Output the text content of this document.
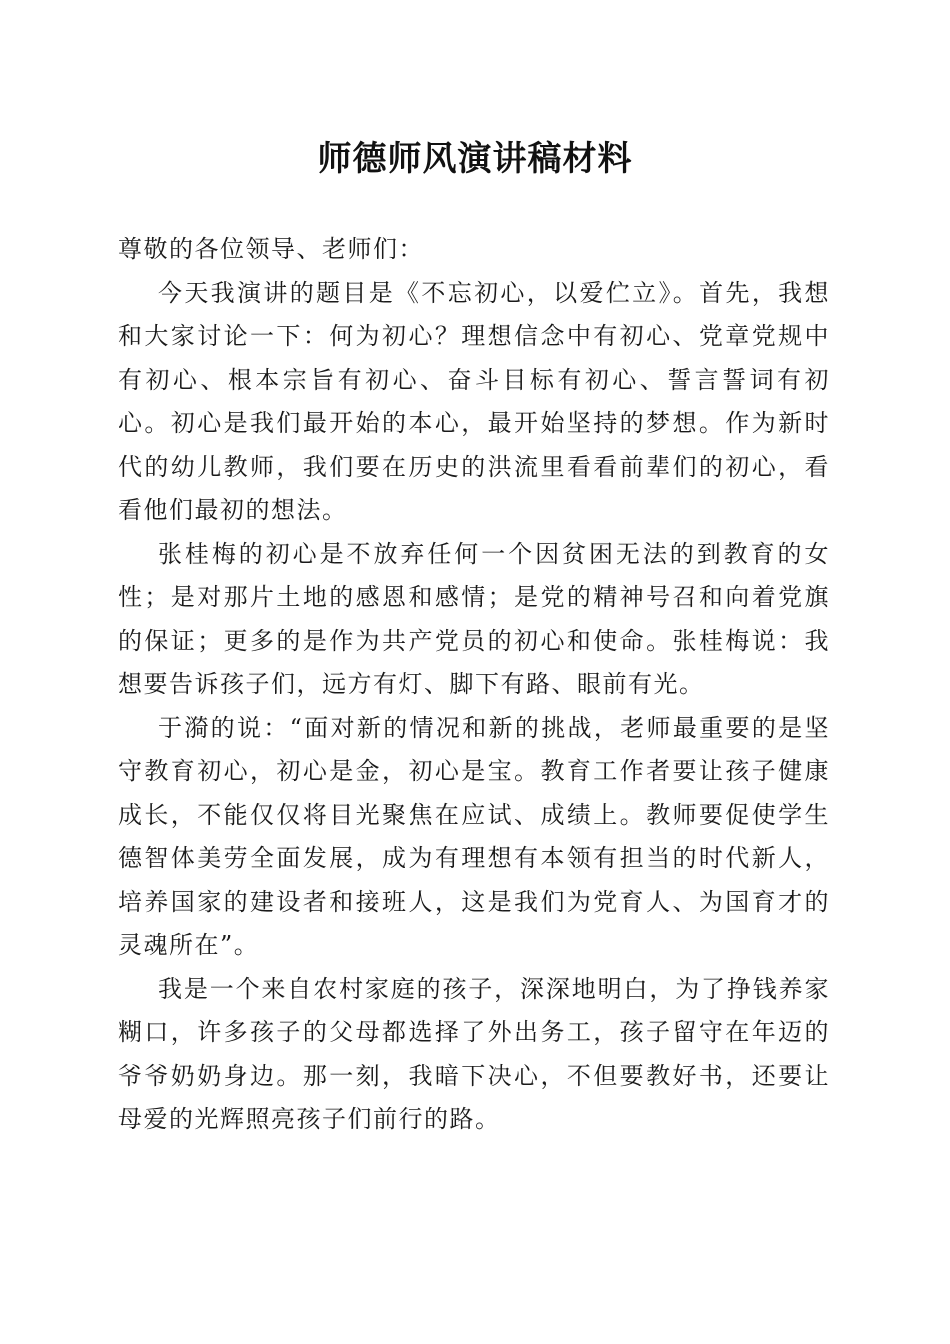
师德师风演讲稿材料

尊敬的各位领导、老师们：

今天我演讲的题目是《不忘初心，以爱伫立》。首先，我想和大家讨论一下：何为初心？理想信念中有初心、党章党规中有初心、根本宗旨有初心、奋斗目标有初心、誓言誓词有初心。初心是我们最开始的本心，最开始坚持的梦想。作为新时代的幼儿教师，我们要在历史的洪流里看看前辈们的初心，看看他们最初的想法。

张桂梅的初心是不放弃任何一个因贫困无法的到教育的女性；是对那片土地的感恩和感情；是党的精神号召和向着党旗的保证；更多的是作为共产党员的初心和使命。张桂梅说：我想要告诉孩子们，远方有灯、脚下有路、眼前有光。

于漪的说：“面对新的情况和新的挑战，老师最重要的是坚守教育初心，初心是金，初心是宝。教育工作者要让孩子健康成长，不能仅仅将目光聚焦在应试、成绩上。教师要促使学生德智体美劳全面发展，成为有理想有本领有担当的时代新人，培养国家的建设者和接班人，这是我们为党育人、为国育才的灵魂所在”。

我是一个来自农村家庭的孩子，深深地明白，为了挣钱养家糊口，许多孩子的父母都选择了外出务工，孩子留守在年迈的爷爷奶奶身边。那一刻，我暗下决心，不但要教好书，还要让母爱的光辉照亮孩子们前行的路。
